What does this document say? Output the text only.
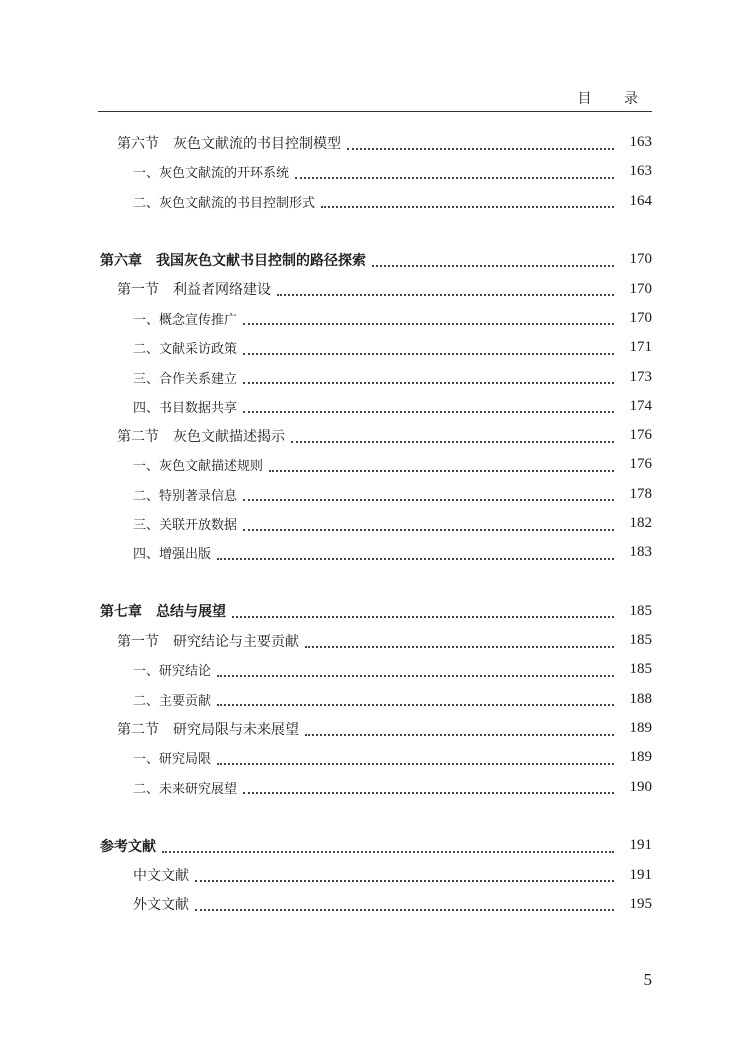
目 录
第六节　灰色文献流的书目控制模型	163
一、灰色文献流的开环系统	163
二、灰色文献流的书目控制形式	164
第六章　我国灰色文献书目控制的路径探索	170
第一节　利益者网络建设	170
一、概念宣传推广	170
二、文献采访政策	171
三、合作关系建立	173
四、书目数据共享	174
第二节　灰色文献描述揭示	176
一、灰色文献描述规则	176
二、特别著录信息	178
三、关联开放数据	182
四、增强出版	183
第七章　总结与展望	185
第一节　研究结论与主要贡献	185
一、研究结论	185
二、主要贡献	188
第二节　研究局限与未来展望	189
一、研究局限	189
二、未来研究展望	190
参考文献	191
中文文献	191
外文文献	195
5
